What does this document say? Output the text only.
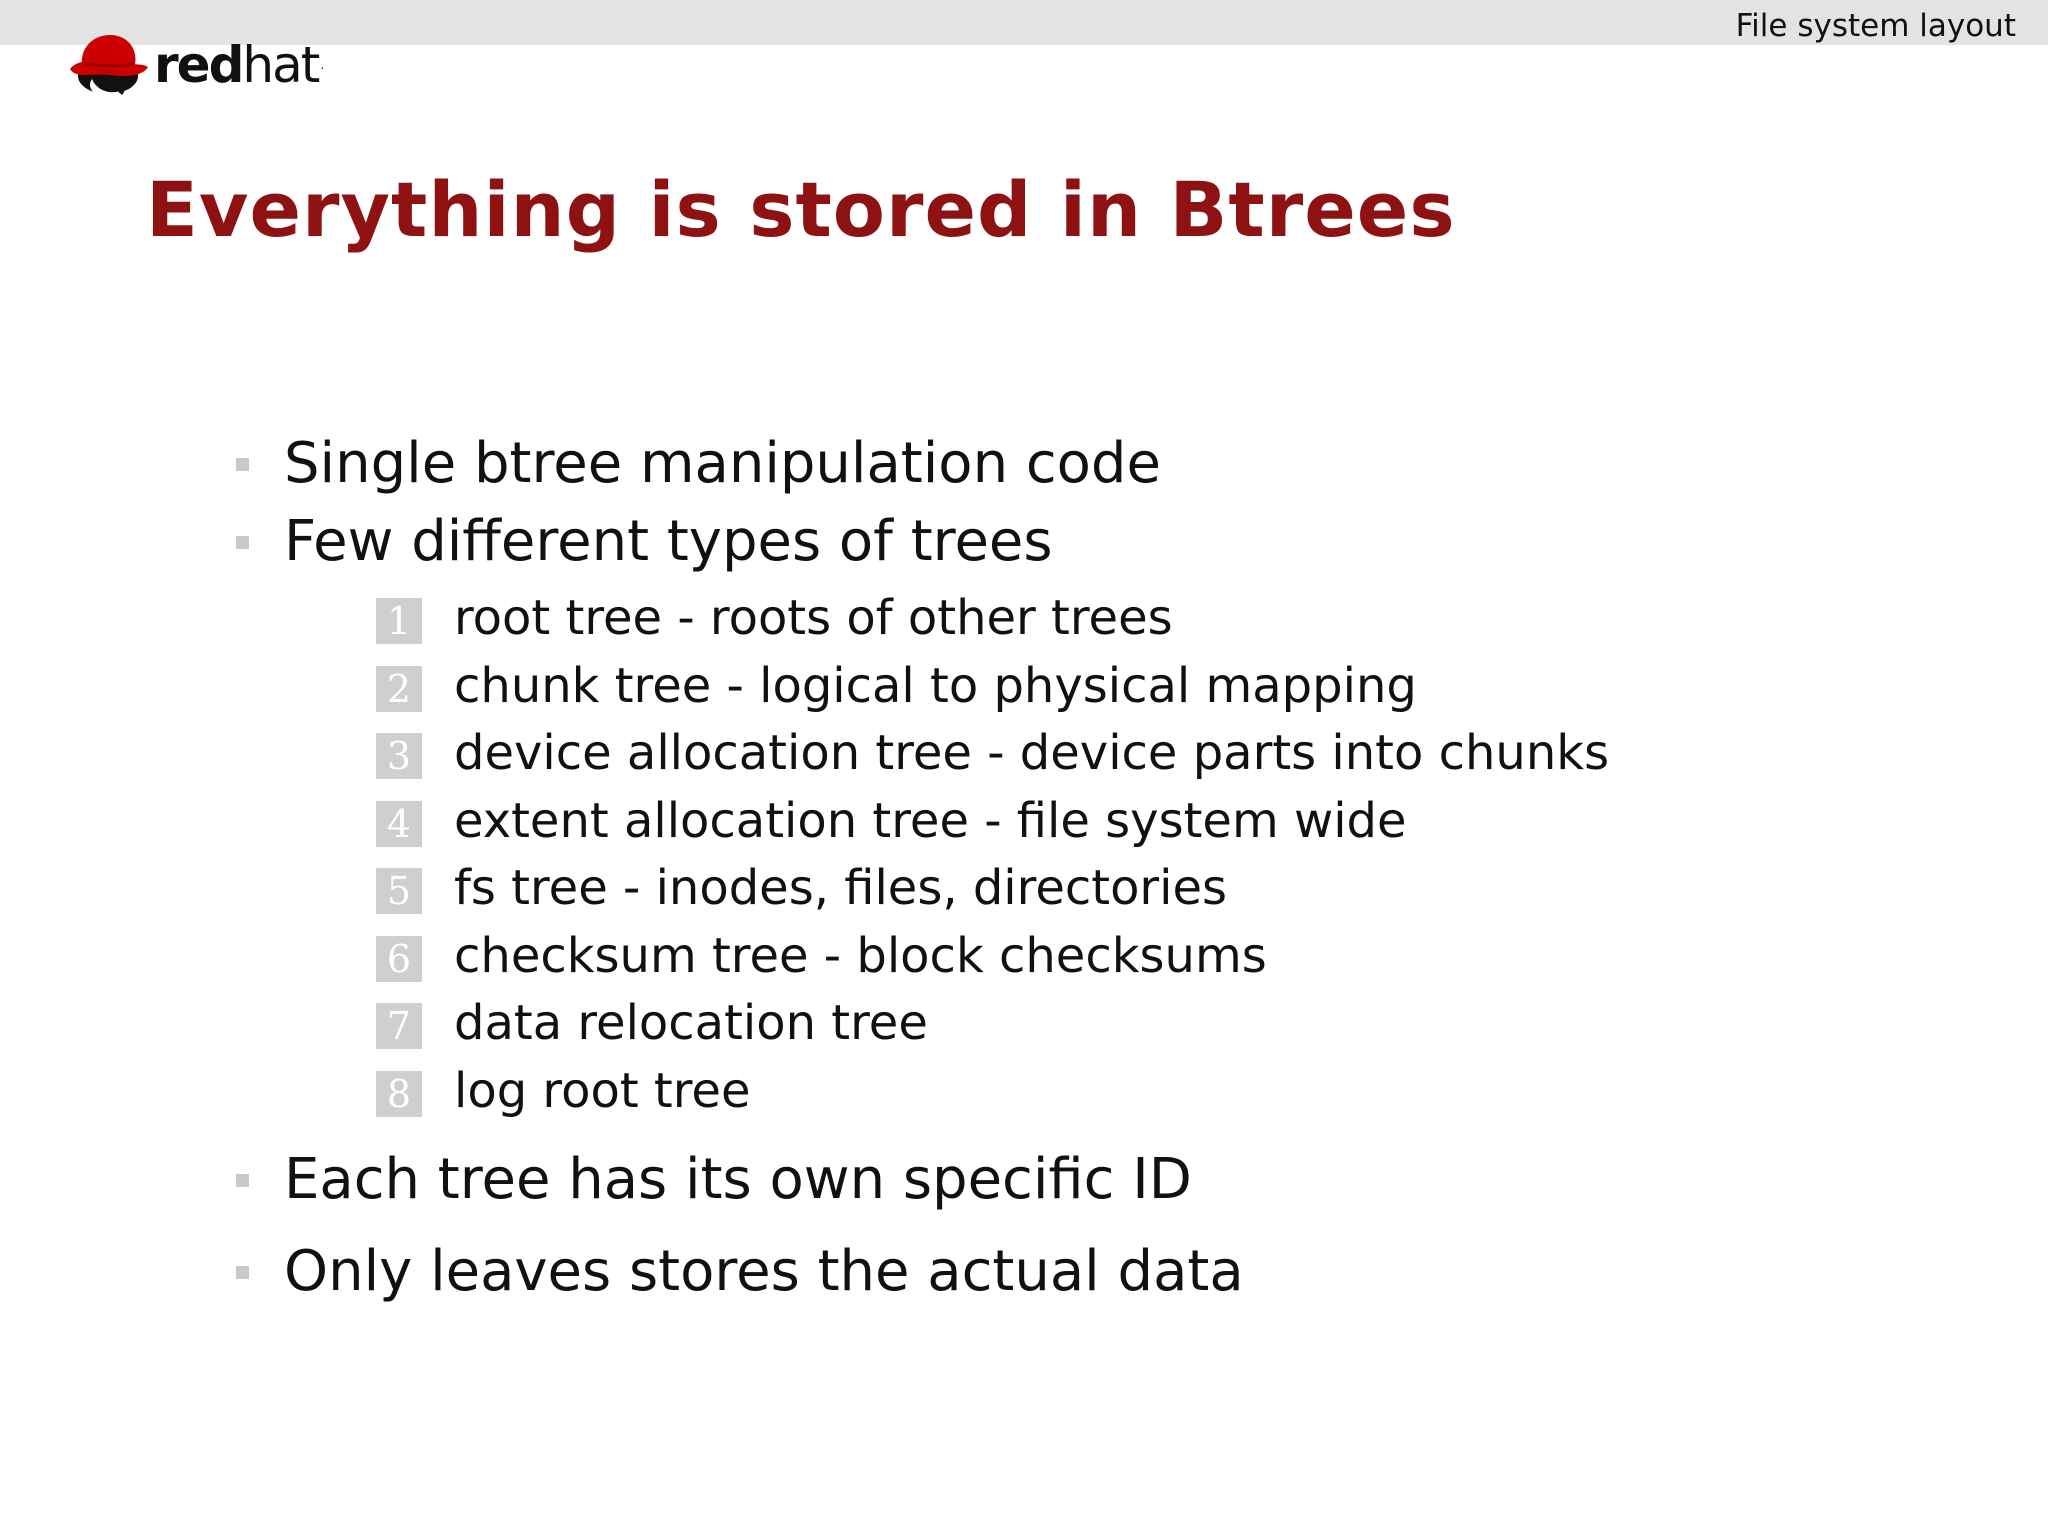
File system layout
redhat .
Everything is stored in Btrees
Single btree manipulation code
Few different types of trees
1 root tree - roots of other trees
2 chunk tree - logical to physical mapping
3 device allocation tree - device parts into chunks
4 extent allocation tree - file system wide
5 fs tree - inodes, files, directories
6 checksum tree - block checksums
7 data relocation tree
8 log root tree
Each tree has its own specific ID
Only leaves stores the actual data
